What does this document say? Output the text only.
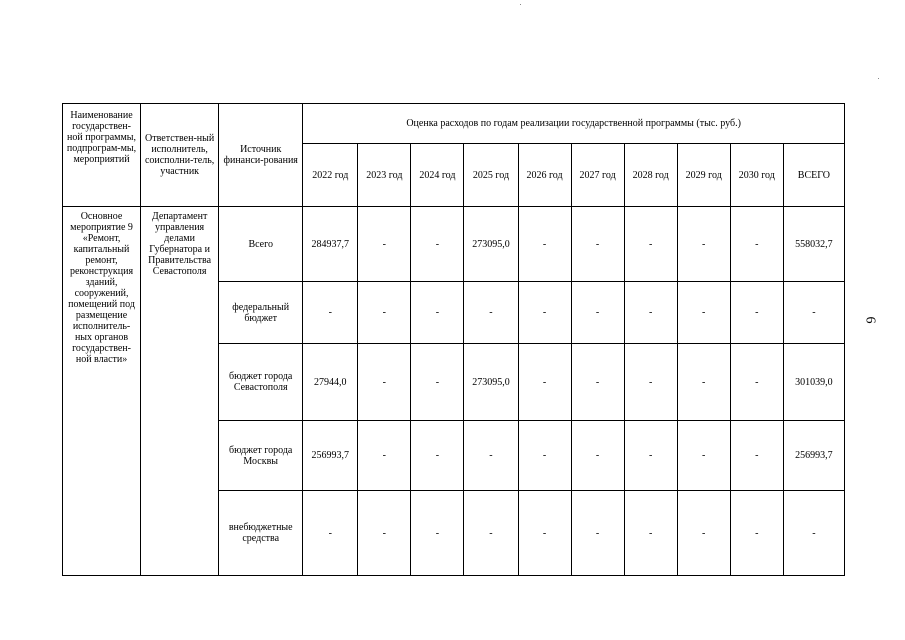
Наименование государствен-ной программы, подпрограм-мы, мероприятий	Ответствен-ный исполнитель, соисполни-тель, участник	Источник финанси-рования	Оценка расходов по годам реализации государственной программы (тыс. руб.)									
			2022 год	2023 год	2024 год	2025 год	2026 год	2027 год	2028 год	2029 год	2030 год	ВСЕГО
Основное мероприятие 9 «Ремонт, капитальный ремонт, реконструкция зданий, сооружений, помещений под размещение исполнитель-ных органов государствен-ной власти»	Департамент управления делами Губернатора и Правительства Севастополя	Всего	284937,7	-	-	273095,0	-	-	-	-	-	558032,7
		федеральный бюджет	-	-	-	-	-	-	-	-	-	-
		бюджет города Севастополя	27944,0	-	-	273095,0	-	-	-	-	-	301039,0
		бюджет города Москвы	256993,7	-	-	-	-	-	-	-	-	256993,7
		внебюджетные средства	-	-	-	-	-	-	-	-	-	-
6
